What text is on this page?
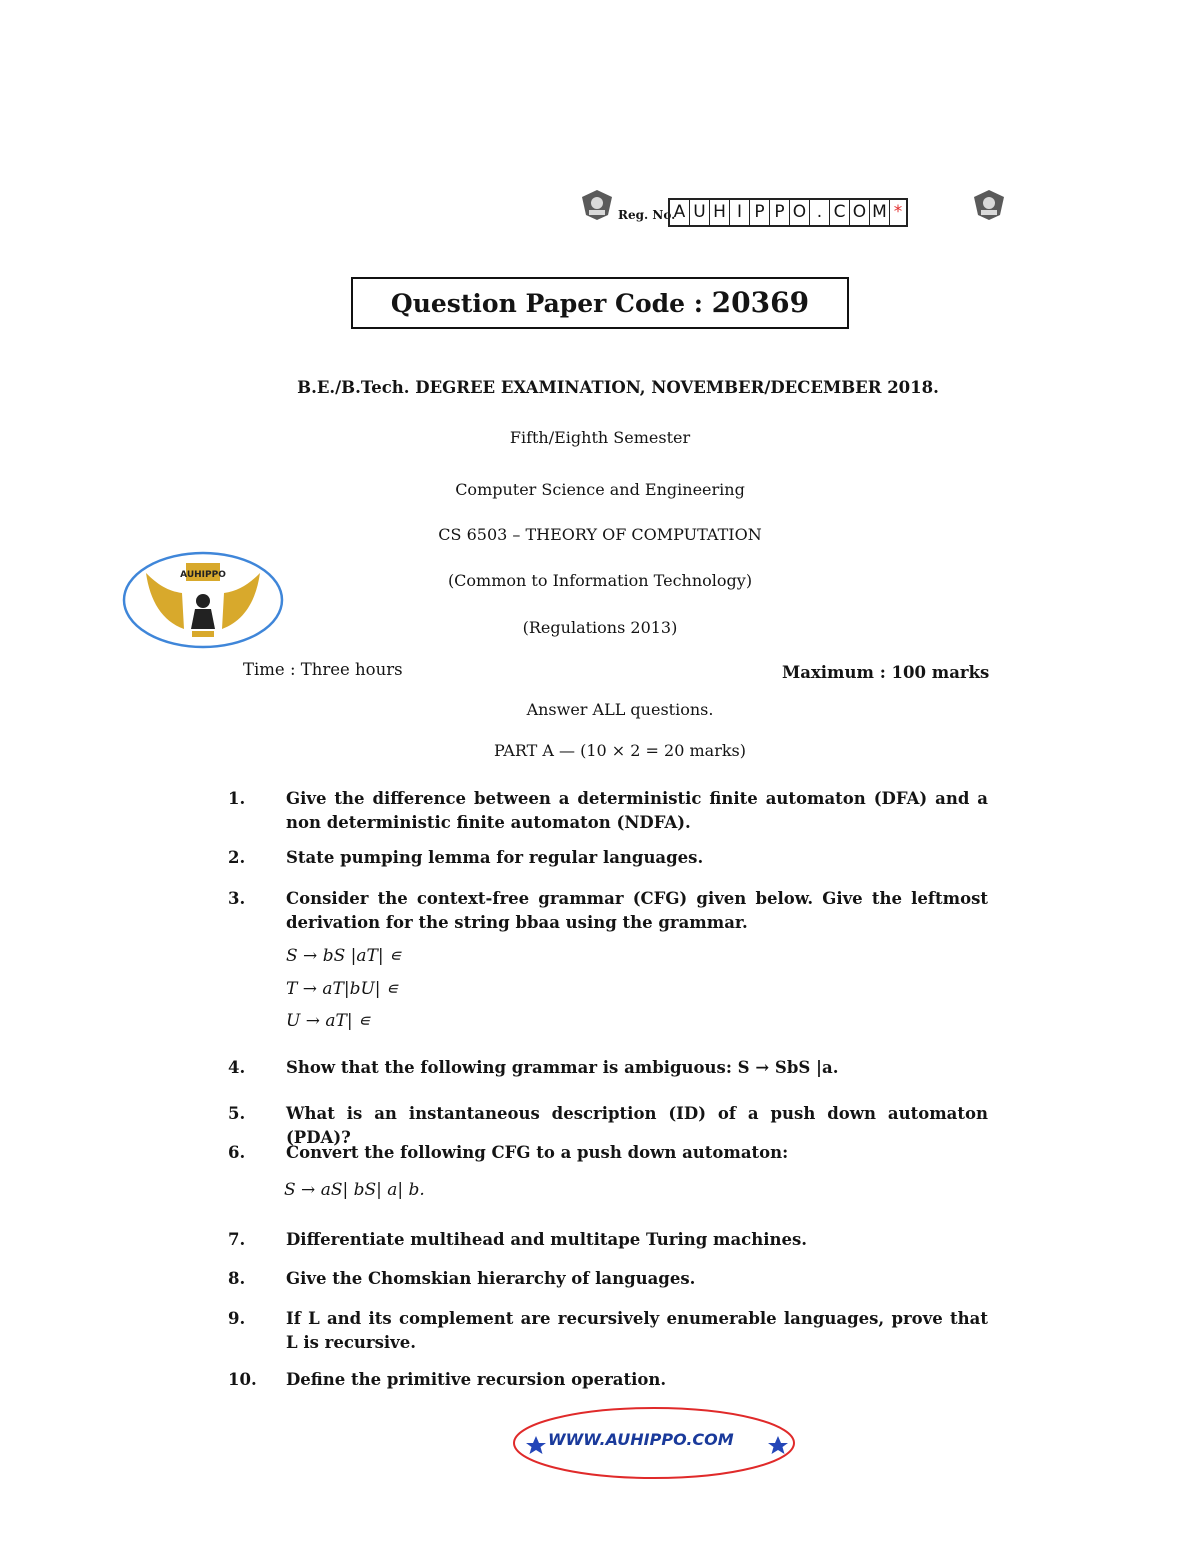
Reg. No.
A U H I P P O . C O M *
Question Paper Code : 20369
B.E./B.Tech. DEGREE EXAMINATION, NOVEMBER/DECEMBER 2018.
Fifth/Eighth Semester
Computer Science and Engineering
CS 6503 – THEORY OF COMPUTATION
(Common to Information Technology)
(Regulations 2013)
AUHIPPO
Time : Three hours	Maximum : 100 marks
Answer ALL questions.
PART A — (10 × 2 = 20 marks)
1.	Give the difference between a deterministic finite automaton (DFA) and a non deterministic finite automaton (NDFA).
2.	State pumping lemma for regular languages.
3.	Consider the context-free grammar (CFG) given below. Give the leftmost derivation for the string bbaa using the grammar.
S → bS |aT| ∊
T → aT|bU| ∊
U → aT| ∊
4.	Show that the following grammar is ambiguous: S → SbS |a.
5.	What is an instantaneous description (ID) of a push down automaton (PDA)?
6.	Convert the following CFG to a push down automaton:
S → aS| bS| a| b.
7.	Differentiate multihead and multitape Turing machines.
8.	Give the Chomskian hierarchy of languages.
9.	If L and its complement are recursively enumerable languages, prove that L is recursive.
10.	Define the primitive recursion operation.
WWW.AUHIPPO.COM
